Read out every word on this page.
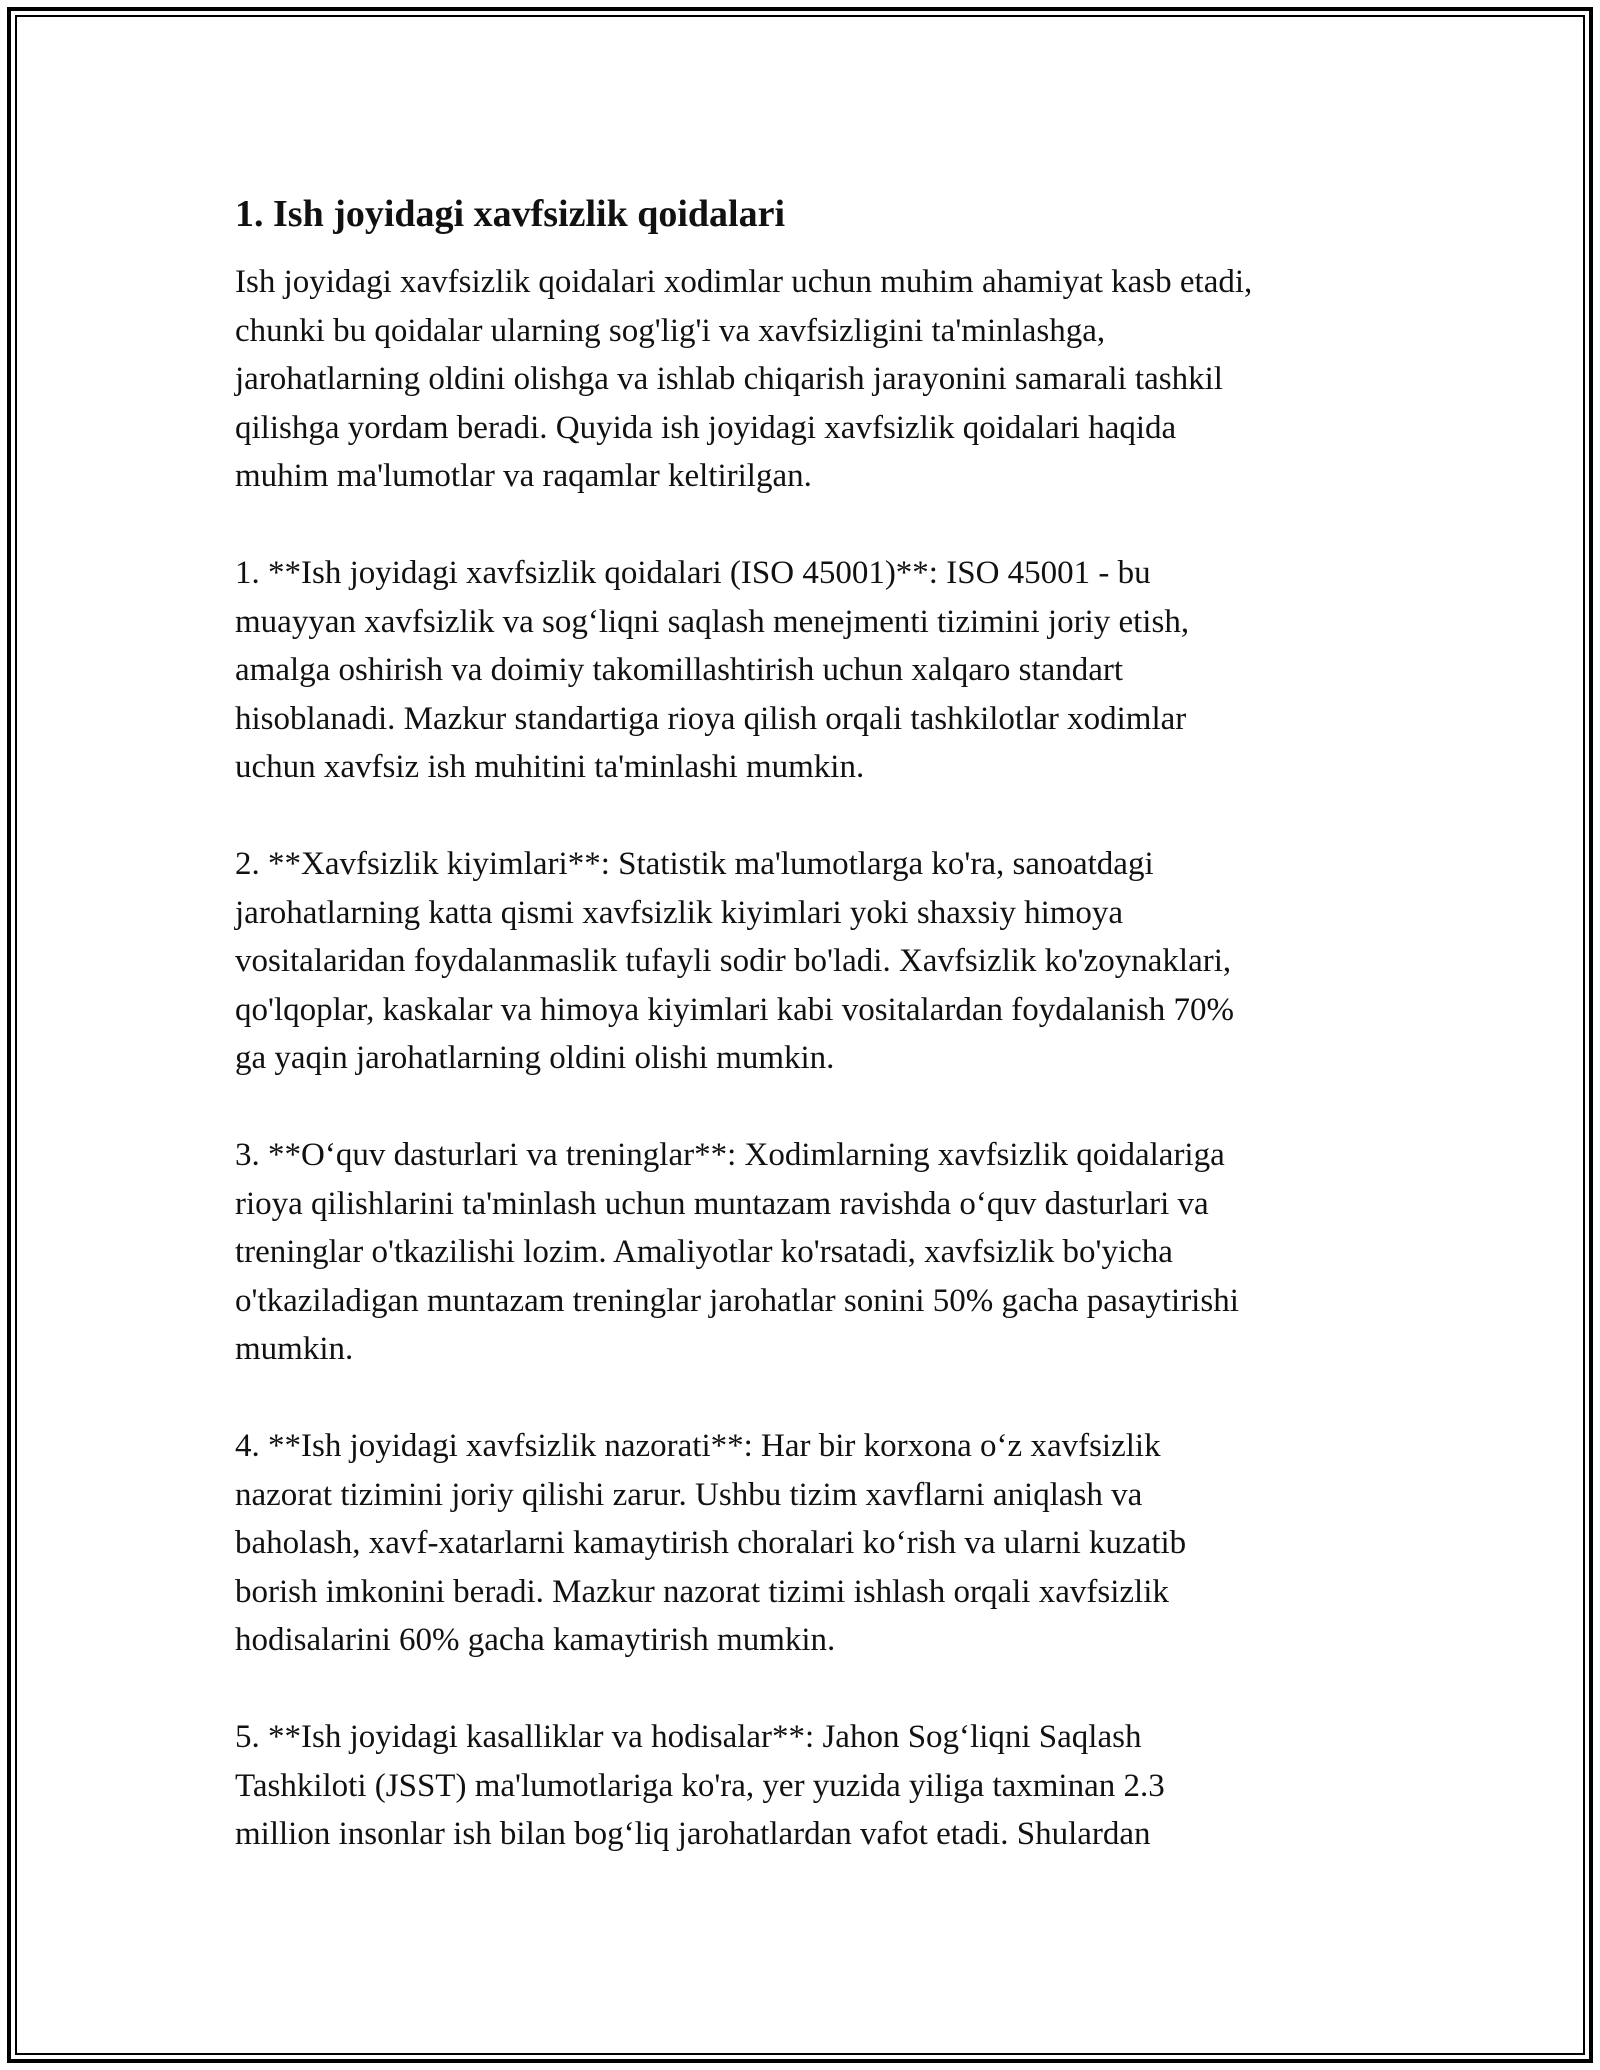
1. Ish joyidagi xavfsizlik qoidalari

Ish joyidagi xavfsizlik qoidalari xodimlar uchun muhim ahamiyat kasb etadi,
chunki bu qoidalar ularning sog'lig'i va xavfsizligini ta'minlashga,
jarohatlarning oldini olishga va ishlab chiqarish jarayonini samarali tashkil
qilishga yordam beradi. Quyida ish joyidagi xavfsizlik qoidalari haqida
muhim ma'lumotlar va raqamlar keltirilgan.

1. **Ish joyidagi xavfsizlik qoidalari (ISO 45001)**: ISO 45001 - bu
muayyan xavfsizlik va sog‘liqni saqlash menejmenti tizimini joriy etish,
amalga oshirish va doimiy takomillashtirish uchun xalqaro standart
hisoblanadi. Mazkur standartiga rioya qilish orqali tashkilotlar xodimlar
uchun xavfsiz ish muhitini ta'minlashi mumkin.

2. **Xavfsizlik kiyimlari**: Statistik ma'lumotlarga ko'ra, sanoatdagi
jarohatlarning katta qismi xavfsizlik kiyimlari yoki shaxsiy himoya
vositalaridan foydalanmaslik tufayli sodir bo'ladi. Xavfsizlik ko'zoynaklari,
qo'lqoplar, kaskalar va himoya kiyimlari kabi vositalardan foydalanish 70%
ga yaqin jarohatlarning oldini olishi mumkin.

3. **O‘quv dasturlari va treninglar**: Xodimlarning xavfsizlik qoidalariga
rioya qilishlarini ta'minlash uchun muntazam ravishda o‘quv dasturlari va
treninglar o'tkazilishi lozim. Amaliyotlar ko'rsatadi, xavfsizlik bo'yicha
o'tkaziladigan muntazam treninglar jarohatlar sonini 50% gacha pasaytirishi
mumkin.

4. **Ish joyidagi xavfsizlik nazorati**: Har bir korxona o‘z xavfsizlik
nazorat tizimini joriy qilishi zarur. Ushbu tizim xavflarni aniqlash va
baholash, xavf-xatarlarni kamaytirish choralari ko‘rish va ularni kuzatib
borish imkonini beradi. Mazkur nazorat tizimi ishlash orqali xavfsizlik
hodisalarini 60% gacha kamaytirish mumkin.

5. **Ish joyidagi kasalliklar va hodisalar**: Jahon Sog‘liqni Saqlash
Tashkiloti (JSST) ma'lumotlariga ko'ra, yer yuzida yiliga taxminan 2.3
million insonlar ish bilan bog‘liq jarohatlardan vafot etadi. Shulardan
